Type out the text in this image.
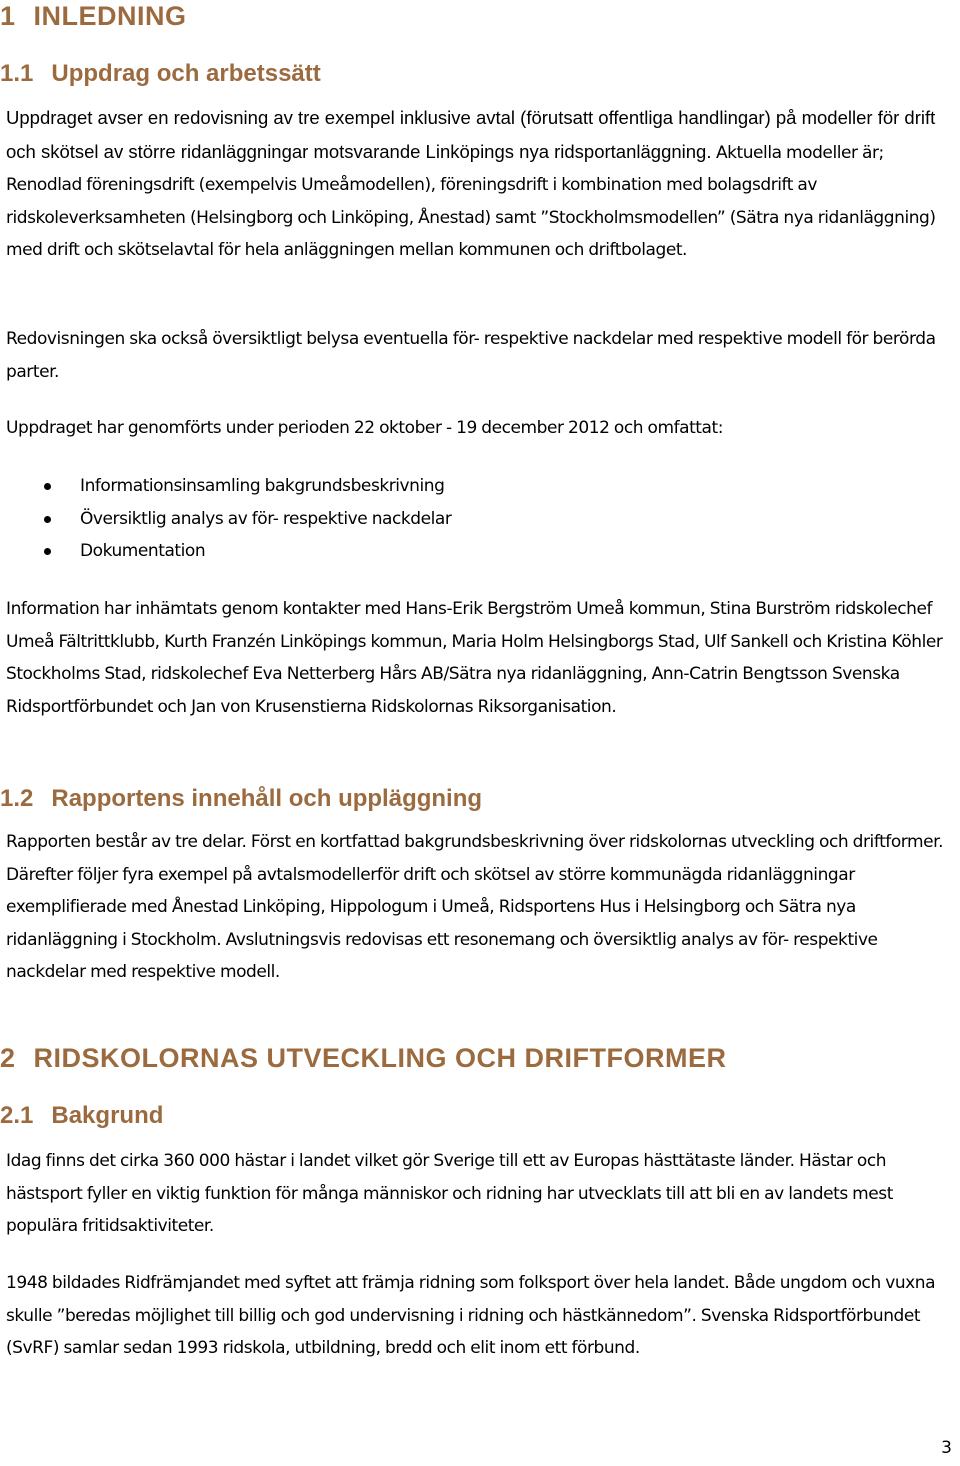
1 INLEDNING
1.1 Uppdrag och arbetssätt

Uppdraget avser en redovisning av tre exempel inklusive avtal (förutsatt offentliga handlingar) på modeller för drift och skötsel av större ridanläggningar motsvarande Linköpings nya ridsportanläggning. Aktuella modeller är; Renodlad föreningsdrift (exempelvis Umeåmodellen), föreningsdrift i kombination med bolagsdrift av ridskoleverksamheten (Helsingborg och Linköping, Ånestad) samt ”Stockholmsmodellen” (Sätra nya ridanläggning) med drift och skötselavtal för hela anläggningen mellan kommunen och driftbolaget.

Redovisningen ska också översiktligt belysa eventuella för- respektive nackdelar med respektive modell för berörda parter.

Uppdraget har genomförts under perioden 22 oktober - 19 december 2012 och omfattat:

Informationsinsamling bakgrundsbeskrivning
Översiktlig analys av för- respektive nackdelar
Dokumentation

Information har inhämtats genom kontakter med Hans-Erik Bergström Umeå kommun, Stina Burström ridskolechef Umeå Fältrittklubb, Kurth Franzén Linköpings kommun, Maria Holm Helsingborgs Stad, Ulf Sankell och Kristina Köhler Stockholms Stad, ridskolechef Eva Netterberg Hårs AB/Sätra nya ridanläggning, Ann-Catrin Bengtsson Svenska Ridsportförbundet och Jan von Krusenstierna Ridskolornas Riksorganisation.

1.2 Rapportens innehåll och uppläggning

Rapporten består av tre delar. Först en kortfattad bakgrundsbeskrivning över ridskolornas utveckling och driftformer. Därefter följer fyra exempel på avtalsmodellerför drift och skötsel av större kommunägda ridanläggningar exemplifierade med Ånestad Linköping, Hippologum i Umeå, Ridsportens Hus i Helsingborg och Sätra nya ridanläggning i Stockholm. Avslutningsvis redovisas ett resonemang och översiktlig analys av för- respektive nackdelar med respektive modell.

2 RIDSKOLORNAS UTVECKLING OCH DRIFTFORMER
2.1 Bakgrund

Idag finns det cirka 360 000 hästar i landet vilket gör Sverige till ett av Europas hästtätaste länder. Hästar och hästsport fyller en viktig funktion för många människor och ridning har utvecklats till att bli en av landets mest populära fritidsaktiviteter.

1948 bildades Ridfrämjandet med syftet att främja ridning som folksport över hela landet. Både ungdom och vuxna skulle ”beredas möjlighet till billig och god undervisning i ridning och hästkännedom”. Svenska Ridsportförbundet (SvRF) samlar sedan 1993 ridskola, utbildning, bredd och elit inom ett förbund.

3
